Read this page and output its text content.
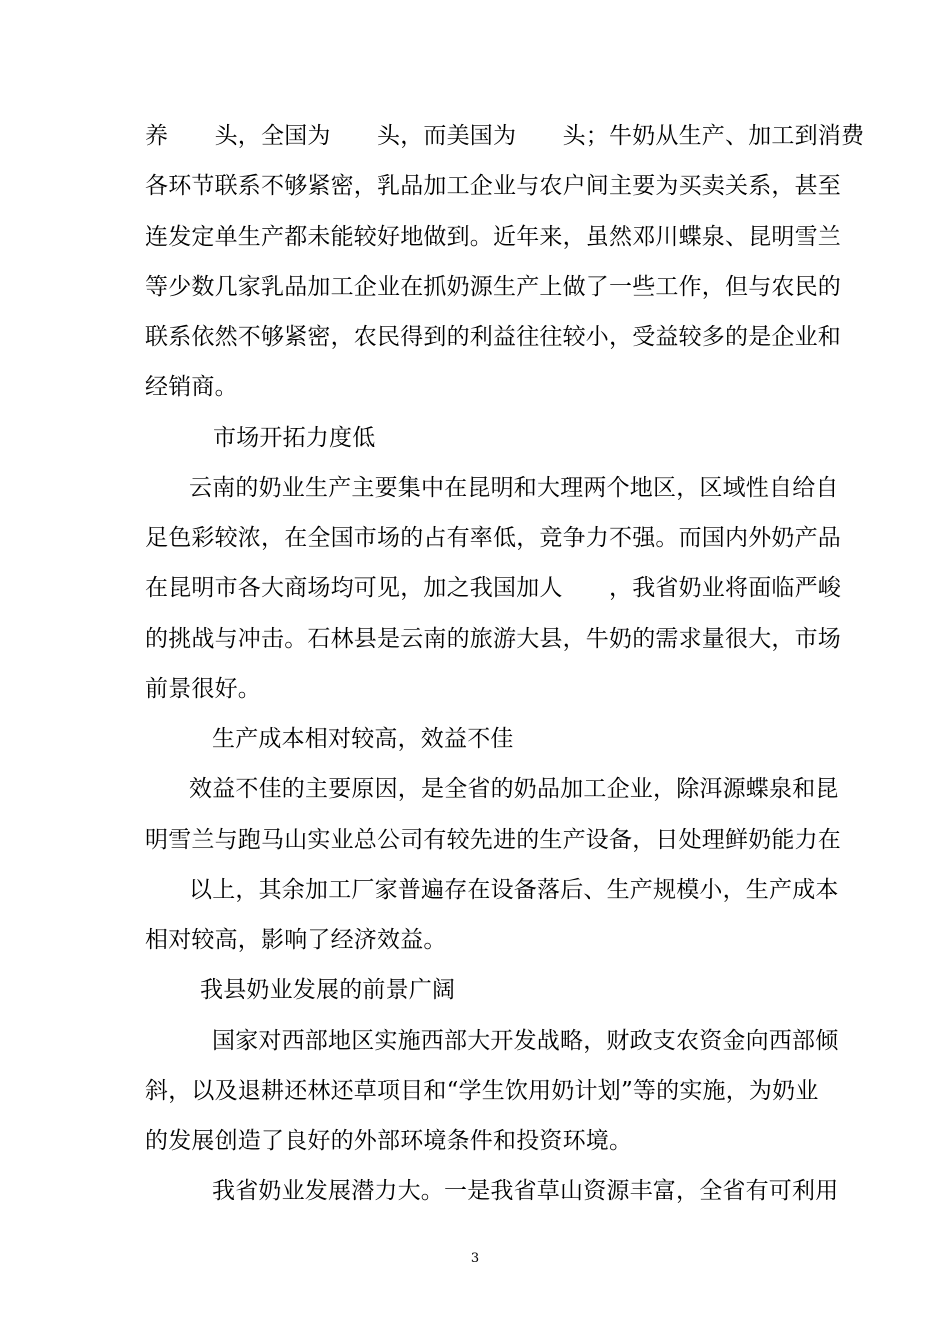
养　　头，全国为　　头，而美国为　　头；牛奶从生产、加工到消费
各环节联系不够紧密，乳品加工企业与农户间主要为买卖关系，甚至
连发定单生产都未能较好地做到。近年来，虽然邓川蝶泉、昆明雪兰
等少数几家乳品加工企业在抓奶源生产上做了一些工作，但与农民的
联系依然不够紧密，农民得到的利益往往较小，受益较多的是企业和
经销商。
市场开拓力度低
云南的奶业生产主要集中在昆明和大理两个地区，区域性自给自
足色彩较浓，在全国市场的占有率低，竞争力不强。而国内外奶产品
在昆明市各大商场均可见，加之我国加人　　，我省奶业将面临严峻
的挑战与冲击。石林县是云南的旅游大县，牛奶的需求量很大，市场
前景很好。
生产成本相对较高，效益不佳
效益不佳的主要原因，是全省的奶品加工企业，除洱源蝶泉和昆
明雪兰与跑马山实业总公司有较先进的生产设备，日处理鲜奶能力在
以上，其余加工厂家普遍存在设备落后、生产规模小，生产成本
相对较高，影响了经济效益。
我县奶业发展的前景广阔
国家对西部地区实施西部大开发战略，财政支农资金向西部倾
斜，以及退耕还林还草项目和“学生饮用奶计划”等的实施，为奶业
的发展创造了良好的外部环境条件和投资环境。
我省奶业发展潜力大。一是我省草山资源丰富，全省有可利用
3
